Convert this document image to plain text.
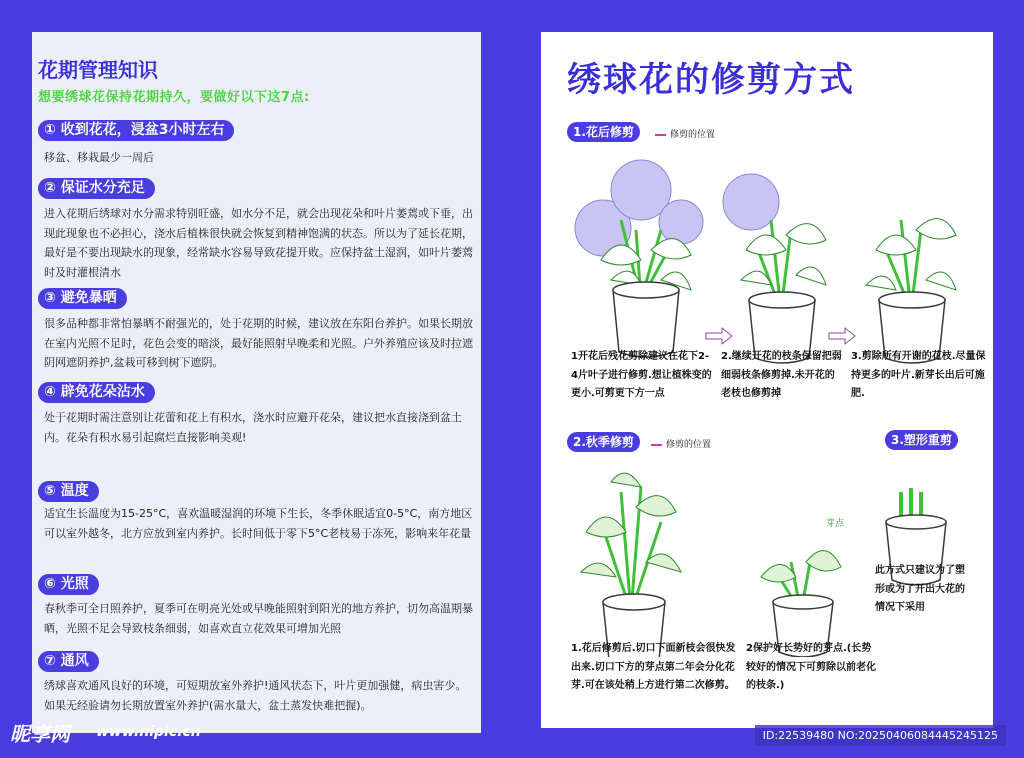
花期管理知识
想要绣球花保持花期持久，要做好以下这7点:
① 收到花花，浸盆3小时左右
移盆、移栽最少一周后
② 保证水分充足
进入花期后绣球对水分需求特别旺盛，如水分不足，就会出现花朵和叶片萎蔫或下垂，出现此现象也不必担心，浇水后植株很快就会恢复到精神饱满的状态。所以为了延长花期，最好是不要出现缺水的现象，经常缺水容易导致花提开败。应保持盆土湿润，如叶片萎蔫时及时灌根清水
③ 避免暴晒
很多品种都非常怕暴晒不耐强光的，处于花期的时候，建议放在东阳台养护。如果长期放在室内光照不足时，花色会变的暗淡，最好能照射早晚柔和光照。户外养殖应该及时拉遮阴网遮阴养护,盆栽可移到树下遮阴。
④ 辟免花朵沾水
处于花期时需注意别让花蕾和花上有积水，浇水时应避开花朵，建议把水直接浇到盆土内。花朵有积水易引起腐烂直接影响美观!
⑤ 温度
适宜生长温度为15-25°C，喜欢温暖湿润的环境下生长，冬季休眠适宜0-5°C，南方地区可以室外越冬，北方应放到室内养护。长时间低于零下5°C老枝易于冻死，影响来年花量
⑥ 光照
春秋季可全日照养护，夏季可在明亮光处或早晚能照射到阳光的地方养护，切勿高温期暴晒，光照不足会导致枝条细弱，如喜欢直立花效果可增加光照
⑦ 通风
绣球喜欢通风良好的环境，可短期放室外养护!通风状态下，叶片更加强健，病虫害少。如果无经验请勿长期放置室外养护(需水量大，盆土蒸发快难把握)。
绣球花的修剪方式
1.花后修剪	修剪的位置
1开花后残花剪除建议在花下2-4片叶子进行修剪.想让植株变的更小.可剪更下方一点
2.继续开花的枝条保留把弱细弱枝条修剪掉.未开花的老枝也修剪掉
3.剪除所有开谢的花枝.尽量保持更多的叶片.新芽长出后可施肥.
2.秋季修剪	修剪的位置	3.塑形重剪
芽点
1.花后修剪后.切口下面新枝会很快发出来.切口下方的芽点第二年会分化花芽.可在该处稍上方进行第二次修剪。
2保护好长势好的芽点.(长势较好的情况下可剪除以前老化的枝条.)
此方式只建议为了塑形或为了开出大花的情况下采用
昵享网 www.nipic.cn	ID:22539480 NO:20250406084445245125
